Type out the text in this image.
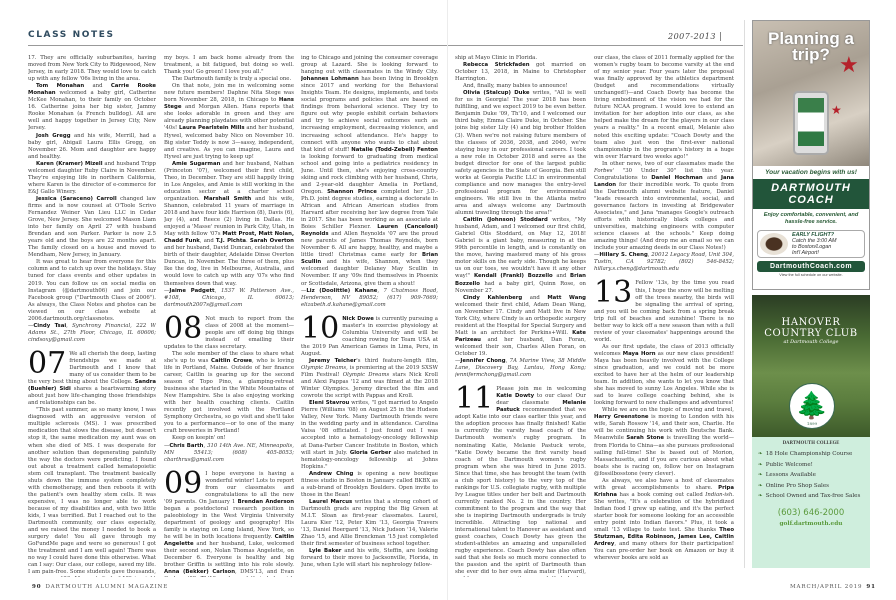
CLASS NOTES	2007-2013

17. They are officially suburbanites, having moved from New York City to Ridgewood, New Jersey, in early 2018. They would love to catch up with any fellow '06s living in the area.

Tom Monahan and Carrie Rooke Monahan welcomed a baby girl, Catherine McKee Monahan, to their family on October 16. Catherine joins her big sister, Jammy Rooke Monahan (a French bulldog). All are well and happy together in Jersey City, New Jersey.

Josh Gregg and his wife, Merrill, had a baby girl, Abigail Laura Ellis Gregg, on November 26. Mom and daughter are happy and healthy.

Karen (Kramer) Mizell and husband Tripp welcomed daughter Ruby Claire in November. They're enjoying life in northern California, where Karen is the director of e-commerce for E&J Gallo Winery.

Jessica (Saraceno) Carroll changed law firms and is now counsel at O'Toole Scrivo Fernandez Weiner Van Lieu LLC in Cedar Grove, New Jersey. She welcomed Mason Liam into her family on April 27 with husband Brendan and son Parker. Parker is now 2.5 years old and the boys are 22 months apart. The family closed on a house and moved to Mendham, New Jersey, in January.

It was great to hear from everyone for this column and to catch up over the holidays. Stay tuned for class events and other updates in 2019. You can follow us on social media on Instagram (@dartmouth06) and join our Facebook group ("Dartmouth Class of 2006"). As always, the Class Notes and photos can be viewed on our class website at 2006.dartmouth.org/classnotes.

—Cindy Tsai, Synchrony Financial, 222 W Adams St., 27th Floor, Chicago, IL 60606; cindsoxy@gmail.com

07 We all cherish the deep, lasting friendships we made at Dartmouth and I know that many of us consider them to be the very best thing about the College. Sandra (Buehler) Sidi shares a heartwarming story about just how life-changing those friendships and relationships can be.

"This past summer, as so many know, I was diagnosed with an aggressive version of multiple sclerosis (MS). I was prescribed medication that slows the disease, but doesn't stop it, the same medication my aunt was on when she died of MS. I was desperate for another solution than degenerating painfully the way the doctors were predicting. I found out about a treatment called hematopoietic stem cell transplant. The treatment basically shuts down the immune system completely with chemotherapy, and then reboots it with the patient's own healthy stem cells. It was expensive, I was no longer able to work because of my disabilities and, with two little kids, I was terrified. But I reached out to the Dartmouth community, our class especially, and we raised the money I needed to book a surgery date! You all gave through my GoFundMe page and were so generous! I got the treatment and I am well again! There was no way I could have done this otherwise. What can I say: Our class, our college, saved my life. I am pain-free. Some students gave thousands,

my boys. I am back home already from the treatment, a bit fatigued, but doing so well. Thank you! Go green! I love you all."

The Dartmouth family is truly a special one.

On that note, join me in welcoming some new future members! Daphne Nita Stege was born November 28, 2018, in Chicago to Hans Stege and Morgan Allen. Hans reports that she looks adorable in green and they are already planning playdates with other potential '40s! Laura Pearlstein Mills and her husband, Hywel, welcomed baby Nico on November 10. Big sister Teddy is now 3—sassy, independent, and creative. As you can imagine, Laura and Hywel are just trying to keep up!

Amie Sugarman and her husband, Nathan (Princeton '07), welcomed their first child, Theo, in December. They are still happily living in Los Angeles, and Amie is still working in the education sector at a charter school organization. Marshall Smith and his wife, Shannon, celebrated 11 years of marriage in 2018 and have four kids Harrison (8), Davis (6), Jay (4), and Reece (2) living in Dallas. He enjoyed a 'Masse' reunion in Park City, Utah, in May with fellow '07s Matt Prost, Matt Nolan, Chadd Funk, and T.J. Plchta. Sarah Overton and her husband, David Duncan, celebrated the birth of their daughter, Adelaide Dinse Overton Duncan, in November. The three of them, plus Ike the dog, live in Melbourne, Australia, and would love to catch up with any '07s who find themselves down that way.

—Jaime Padgett, 1537 W. Patterson Ave., #108, Chicago, IL 60613; dartmouth2007s@gmail.com

08 Not much to report from the class of 2008 at the moment—people are off doing big things instead of emailing their updates to the class secretary.

The sole member of the class to share what she's up to was Caitlin Crowe, who is loving life in Portland, Maine. Outside of her finance career, Caitlin is gearing up for the second season of Topo Pino, a glamping-retreat business she started in the White Mountains of New Hampshire. She is also enjoying working with her health coaching clients. Caitlin recently got involved with the Portland Symphony Orchestra, so go visit and she'll take you to a performance—or to one of the many craft breweries in Portland!

Keep on keepin' on!

—Chris Barth, 310 14th Ave. NE, Minneapolis, MN 55413; (608) 405-8053; cbarthrus@gmail.com

09 I hope everyone is having a wonderful winter! Lots to report from our classmates and congratulations to all the new '09 parents. On January 1 Brendan Anderson began a postdoctoral research position in paleobiology in the West Virginia University department of geology and geography! His family is staying on Long Island, New York, so he will be in both locations frequently. Caitlin Angelette and her husband, Luke, welcomed their second son, Nolan Thomas Angelette, on December 6. Everyone is healthy and big brother Griffin is settling into his role slowly. Anna (Bekker) Carlson, DMS'13, and Evan

ing to Chicago and joining the consumer coverage group at Lazard. She is looking forward to hanging out with classmates in the Windy City. Johannes Lohmann has been living in Brooklyn since 2017 and working for the Behavioral Insights Team. He designs, implements, and tests social programs and policies that are based on findings from behavioral science. They try to figure out why people exhibit certain behaviors and try to achieve social outcomes such as increasing employment, decreasing violence, and increasing school attendance. He's happy to connect with anyone who wants to chat about that kind of stuff! Natalie (Todd-Zebell) Fenton is looking forward to graduating from medical school and going into a pediatrics residency in June. Until then, she's enjoying cross-country skiing and rock climbing with her husband, Chris, and 2-year-old daughter Amelia in Portland, Oregon. Shannon Prince completed her J.D.-Ph.D. joint degree studies, earning a doctorate in African and African American studies from Harvard after receiving her law degree from Yale in 2017. She has been working as an associate at Boies Schiller Flexner. Lauren (Cancelosi) Reynolds and Allen Reynolds '07 are the proud new parents of James Thomas Reynolds, born November 6. All are happy, healthy, and maybe a little tired! Christmas came early for Brian Scullin and his wife, Shannon, when they welcomed daughter Delaney May Scullin in November. If any '09s find themselves in Phoenix or Scottsdale, Arizona, give them a shout!

—Liz (Doolittle) Kahane, 7 Chatmoss Road, Henderson, NV 89052; (617) 909-7669; elizabeth.d.kahane@gmail.com

10 Nick Dowe is currently pursuing a master's in exercise physiology at Columbia University and will be coaching rowing for Team USA at the 2019 Pan American Games in Lima, Peru, in August.

Jeremy Teicher's third feature-length film, Olympic Dreams, is premiering at the 2019 SXSW Film Festival! Olympic Dreams stars Nick Kroll and Alexi Pappas '12 and was filmed at the 2018 Winter Olympics. Jeremy directed the film and cowrote the script with Pappas and Kroll.

Eleni Stavrou writes, "I got married to Angelo Pierre (Williams '08) on August 25 in the Hudson Valley, New York. Many Dartmouth friends were in the wedding party and in attendance. Carolina Vaisa '08 officiated. I just found out I was accepted into a hematology-oncology fellowship at Dana-Farber Cancer Institute in Boston, which will start in July. Gloria Gerber also matched in hematology-oncology fellowship at Johns Hopkins."

Andrew Ching is opening a new boutique fitness studio in Boston in January called BKBX as a sub-brand of Brooklyn Boulders. Open invite to those in the Bean!

Laurel Marcus writes that a strong cohort of Dartmouth grads are repping the Big Green at M.I.T. Sloan as first-year classmates. Laurel, Laura Kier '12, Peter Kim '13, Georgia Travers '13, Daniel Roergard '13, Nick Judson '14, Valerie Zhao '15, and Allie Brenckman '15 just completed their first semester of business school together.

Lyle Baker and his wife, Steffin, are looking forward to their move to Jacksonville, Florida, in June, when Lyle will start his nephrology fellow-

ship at Mayo Clinic in Florida.

Rebecca Strickfaden got married on October 13, 2018, in Maine to Christopher Harrington.

And, finally, many babies to announce!

Olivia (Stalcup) Duke writes, "All is well for us in Georgia! The year 2018 has been fulfilling, and we expect 2019 to be even better. Benjamin Duke '09, Th'10, and I welcomed our third baby, Emma Claire Duke, in October. She joins big sister Lily (4) and big brother Holden (3). When we're not raising future members of the classes of 2036, 2038, and 2040, we're staying busy in our professional careers. I took a new role in October 2018 and serve as the budget director for one of the largest public safety agencies in the State of Georgia. Ben still works at Georgia Pacific LLC in environmental compliance and now manages the entry-level professional program for environmental engineers. We still live in the Atlanta metro area and always welcome any Dartmouth alumni traveling through the area!"

Caitlin (Johnson) Stoddard writes, "My husband, Adam, and I welcomed our first child, Gabriel Otis Stoddard, on May 12, 2018! Gabriel is a giant baby, measuring in at the 99th percentile in length, and is constantly on the move, having mastered many of his gross motor skills on the early side. Though he keeps us on our toes, we wouldn't have it any other way!" Kendall (Frankl) Bozzello and Brian Bozzello had a baby girl, Quinn Rose, on November 27.

Cindy Kahlenberg and Matt Wang welcomed their first child, Adam Dean Wang, on November 17. Cindy and Matt live in New York City, where Cindy is an orthopedic surgery resident at the Hospital for Special Surgery and Matt is an architect for Perkins+Will. Kate Parizeau and her husband, Dan Foran, welcomed their son, Charles Allen Foran, on October 19.

—Jennifer Chong, 7A Marine View, 38 Middle Lane, Discovery Bay, Lantau, Hong Kong; jennifermchong@gmail.com

11 Please join me in welcoming Katie Dowty to our class! Our dear classmate Melanie Pastuck recommended that we adopt Katie into our class earlier this year, and the adoption process has finally finished! Katie is currently the varsity head coach of the Dartmouth women's rugby program. In nominating Katie, Melanie Pastuck wrote, "Katie Dowty became the first varsity head coach of the Dartmouth women's rugby program when she was hired in June 2015. Since that time, she has brought the team (with a club sport history) to the very top of the rankings for U.S. collegiate rugby, with multiple Ivy League titles under her belt and Dartmouth currently ranked No. 2 in the country. Her commitment to the program and the way that she is inspiring Dartmouth undergrads is truly incredible. Attracting top national and international talent to Hanover as assistant and guest coaches, Coach Dowty has given the student-athletes an amazing and unparalleled rugby experience. Coach Dowty has also often said that she feels so much more connected to the passion and the spirit of Dartmouth than she ever did to her own alma mater (Harvard),

our class, the class of 2011 formally applied for the women's rugby team to become varsity at the end of my senior year. Four years later the proposal was finally approved by the athletics department (budget and recommendations virtually unchanged!)—and Coach Dowty has become the living embodiment of the vision we had for the future NCAA program. I would love to extend an invitation for her adoption into our class, as she helped make the dream for the players in our class years a reality." In a recent email, Melanie also noted this exciting update: "Coach Dowty and the team also just won the first-ever national championship in the program's history in a huge win over Harvard two weeks ago!"

In other news, two of our classmates made the Forbes' "30 Under 30" list this year. Congratulations to Daniel Hochman and Jana Landon for their incredible work. To quote from the Dartmouth alumni website feature, Daniel "leads research into environmental, social, and governance factors in investing at Bridgewater Associates," and Jana "manages Google's outreach efforts with historically black colleges and universities, matching engineers with computer science classes at the schools." Keep doing amazing things! (And drop me an email so we can include your amazing deeds in our Class Notes!)

—Hillary S. Cheng, 20012 Legacy Road, Unit 304, Tustin, CA 92782; (802) 546-8452; hillary.s.cheng@dartmouth.edu

13 Fellow '13s, by the time you read this, I hope the snow will be melting off the trees nearby, the birds will be signaling the arrival of spring, and you will be coming back from a spring break trip full of beaches and sunshine! There is no better way to kick off a new season than with a full review of your classmates' happenings around the world.

As our first update, the class of 2013 officially welcomes Maya Horn as our new class president! Maya has been heavily involved with the College since graduation, and we could not be more excited to have her at the helm of our leadership team. In addition, she wants to let you know that she has moved to sunny Los Angeles. While she is sad to leave college coaching behind, she is looking forward to new challenges and adventures!

While we are on the topic of moving and travel, Harry Greenstone is moving to London with his wife, Sarah Rossow '14, and their son, Charlie. He will be continuing his work with Deutsche Bank. Meanwhile Sarah Stone is travelling the world—from Florida to China—as she pursues professional sailing full-time! She is based out of Morion, Massachusetts, and if you are curious about what boats she is racing on, follow her on Instagram @fossilbosstone (very clever).

As always, we also have a host of classmates with great accomplishments to share. Pripa Krishna has a book coming out called Indian-ish. She writes, "It's a celebration of the hybridized Indian food I grew up eating, and it's the perfect starter book for someone looking for an accessible entry point into Indian flavors." Plus, it took a small '13 village to taste test. She thanks Theo Stutzman, Edita Robinson, James Lee, Caitlin Ardrey, and many others for their participation! You can pre-order her book on Amazon or buy it wherever books are sold as

Planning a trip? ★
★
Your vacation begins with us!
DARTMOUTH COACH
Enjoy comfortable, convenient, and hassle-free service.
EARLY FLIGHT?
Catch the 3:00 AM
to Boston/Logan
Int'l Airport!
DartmouthCoach.com
View the full schedule on our website.
HANOVER
COUNTRY CLUB
at Dartmouth College
🌲
1899
DARTMOUTH COLLEGE
❧ 18 Hole Championship Course
❧ Public Welcome!
❧ Lessons Available
❧ Online Pro Shop Sales
❧ School Owned and Tax-free Sales
(603) 646-2000
golf.dartmouth.edu
90 DARTMOUTH ALUMNI MAGAZINE	MARCH/APRIL 2019 91
